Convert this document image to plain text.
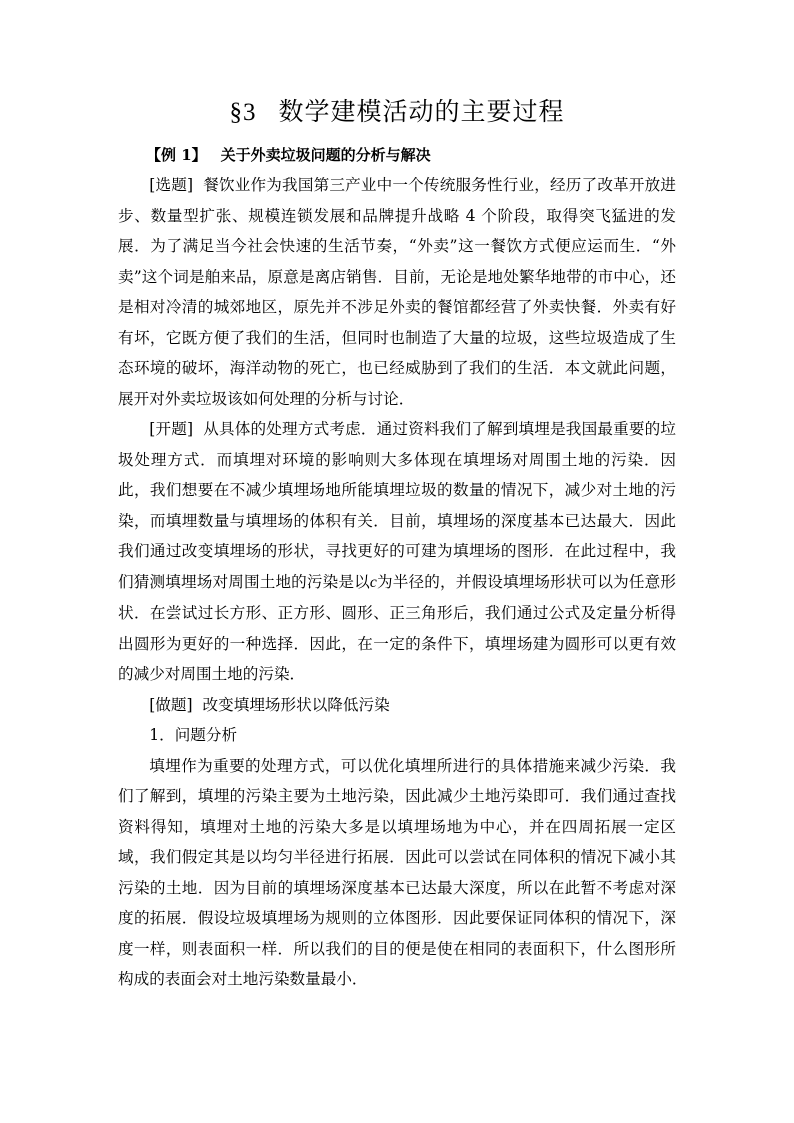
§3 数学建模活动的主要过程
【例 1】 关于外卖垃圾问题的分析与解决

[选题] 餐饮业作为我国第三产业中一个传统服务性行业，经历了改革开放进步、数量型扩张、规模连锁发展和品牌提升战略 4 个阶段，取得突飞猛进的发展．为了满足当今社会快速的生活节奏，“外卖”这一餐饮方式便应运而生．“外卖”这个词是舶来品，原意是离店销售．目前，无论是地处繁华地带的市中心，还是相对冷清的城郊地区，原先并不涉足外卖的餐馆都经营了外卖快餐．外卖有好有坏，它既方便了我们的生活，但同时也制造了大量的垃圾，这些垃圾造成了生态环境的破坏，海洋动物的死亡，也已经威胁到了我们的生活．本文就此问题，展开对外卖垃圾该如何处理的分析与讨论．

[开题] 从具体的处理方式考虑．通过资料我们了解到填埋是我国最重要的垃圾处理方式．而填埋对环境的影响则大多体现在填埋场对周围土地的污染．因此，我们想要在不减少填埋场地所能填埋垃圾的数量的情况下，减少对土地的污染，而填埋数量与填埋场的体积有关．目前，填埋场的深度基本已达最大．因此我们通过改变填埋场的形状，寻找更好的可建为填埋场的图形．在此过程中，我们猜测填埋场对周围土地的污染是以c为半径的，并假设填埋场形状可以为任意形状．在尝试过长方形、正方形、圆形、正三角形后，我们通过公式及定量分析得出圆形为更好的一种选择．因此，在一定的条件下，填埋场建为圆形可以更有效的减少对周围土地的污染．

[做题] 改变填埋场形状以降低污染

1．问题分析

填埋作为重要的处理方式，可以优化填埋所进行的具体措施来减少污染．我们了解到，填埋的污染主要为土地污染，因此减少土地污染即可．我们通过查找资料得知，填埋对土地的污染大多是以填埋场地为中心，并在四周拓展一定区域，我们假定其是以均匀半径进行拓展．因此可以尝试在同体积的情况下减小其污染的土地．因为目前的填埋场深度基本已达最大深度，所以在此暂不考虑对深度的拓展．假设垃圾填埋场为规则的立体图形．因此要保证同体积的情况下，深度一样，则表面积一样．所以我们的目的便是使在相同的表面积下，什么图形所构成的表面会对土地污染数量最小．
